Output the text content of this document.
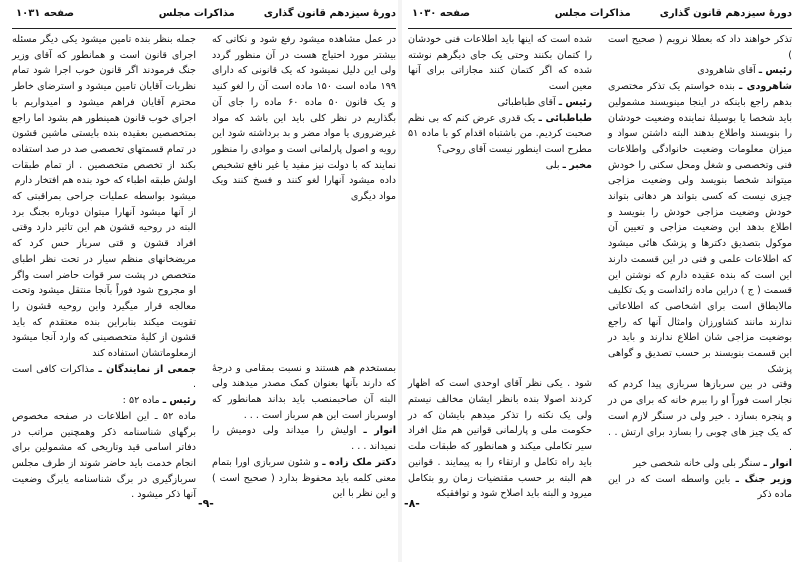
دورهٔ سیزدهم قانون گذاری
مذاکرات مجلس
صفحه ۱۰۳۰

تذکر خواهند داد که بعطلا نرویم ( صحیح است )

رئیس ـ آقای شاهرودی

شاهرودی ـ بنده خواستم یک تذکر مختصری بدهم راجع باینکه در اینجا مینویسند مشمولین باید شخصا یا بوسیلهٔ نماینده وضعیت خودشان را بنویسند واطلاع بدهند البته داشتن سواد و میزان معلومات وضعیت خانوادگی واطلاعات فنی وتخصصی و شغل ومحل سکنی را خودش میتواند شخصا بنویسد ولی وضعیت مزاجی چیزی نیست که کسی بتواند هر دهاتی بتواند خودش وضعیت مزاجی خودش را بنویسد و اطلاع بدهد این وضعیت مزاجی و تعیین آن موکول بتصدیق دکترها و پزشک هائی میشود که اطلاعات علمی و فنی در این قسمت دارند این است که بنده عقیده دارم که نوشتن این قسمت ( ج ) دراین ماده زائداست و یک تکلیف مالایطاق است برای اشخاصی که اطلاعاتی ندارند مانند کشاورزان وامثال آنها که راجع بوضعیت مزاجی شان اطلاع ندارند و باید در این قسمت بنویسند بر حسب تصدیق و گواهی پزشک

وقتی در بین سربازها سربازی پیدا کردم که نجار است فوراً او را ببرم خانه که برای من در و پنجره بسازد . خیر ولی در سنگر لازم است که یک چیز های چوبی را بسازد برای ارتش . . .

انوار ـ سنگر بلی ولی خانه شخصی خیر

وزیر جنگ ـ باین واسطه است که در این ماده ذکر

شده است که اینها باید اطلاعات فنی خودشان را کتمان بکنند وحتی یک جای دیگرهم نوشته شده که اگر کتمان کنند مجازاتی برای آنها معین است

رئیس ـ آقای طباطبائی

طباطبائی ـ یک قدری عرض کنم که بی نظم صحبت کردیم. من باشتباه اقدام کو با ماده ۵۱ مطرح است اینطور نیست آقای روحی؟

مخبر ـ بلی

شود . یکی نظر آقای اوحدی است که اظهار کردند اصولا بنده بانظر ایشان مخالف نیستم ولی یک نکته را تذکر میدهم بایشان که در حکومت ملی و پارلمانی قوانین هم مثل افراد سیر تکاملی میکند و همانطور که طبقات ملت باید راه تکامل و ارتقاء را به پیمایند . قوانین هم البته بر حسب مقتضیات زمان رو بتکامل میرود و البته باید اصلاح شود و توافقیکه

-۸-
دورهٔ سیزدهم قانون گذاری
مذاکرات مجلس
صفحه ۱۰۳۱

در عمل مشاهده میشود رفع شود و نکاتی که بیشتر مورد احتیاج هست در آن منظور گردد ولی این دلیل نمیشود که یک قانونی که دارای ۱۹۹ ماده است ۱۵۰ ماده است آن را لغو کنید و یک قانون ۵۰ ماده ۶۰ ماده را جای آن بگذاریم در نظر کلی باید این باشد که مواد غیرضروری یا مواد مضر و بد برداشته شود این رویه و اصول پارلمانی است و موادی را منظور نمایند که با دولت نیز مفید یا غیر نافع تشخیص داده میشود آنهارا لغو کنند و فسخ کنند ویک مواد دیگری

بمستخدم هم هستند و نسبت بمقامی و درجهٔ که دارند بآنها بعنوان کمک مصدر میدهند ولی البته آن صاحبمنصب باید بداند همانطور که اوسرباز است این هم سرباز است . . .

انوار ـ اولیش را میداند ولی دومیش را نمیداند . . .

دکتر ملک زاده ـ و شئون سربازی اورا بتمام معنی کلمه باید محفوظ بدارد ( صحیح است ) و این نظر با این

جمله بنظر بنده تامین میشود یکی دیگر مسئله اجرای قانون است و همانطور که آقای وزیر جنگ فرمودند اگر قانون خوب اجرا شود تمام نظریات آقایان تامین میشود و استرضای خاطر محترم آقایان فراهم میشود و امیدواریم با اجرای خوب قانون همینطور هم بشود اما راجع بمتخصصین بعقیده بنده بایستی ماشین قشون در تمام قسمتهای تخصصی صد در صد استفاده بکند از تخصص متخصصین . از تمام طبقات اولش طبقه اطباء که خود بنده هم افتخار دارم

میشود بواسطه عملیات جراحی بمراقبتی که از آنها میشود آنهارا میتوان دوباره بجنگ برد البته در روحیه قشون هم این تاثیر دارد وقتی افراد قشون و قتی سرباز حس کرد که مریضخانهای منظم سیار در تحت نظر اطبای متخصص در پشت سر قوات حاضر است واگر او مجروح شود فوراً بآنجا منتقل میشود وتحت معالجه قرار میگیرد واین روحیه قشون را تقویت میکند بنابراین بنده معتقدم که باید قشون از کلیهٔ متخصصینی که وارد آنجا میشود ازمعلوماتشان استفاده کند

جمعی از نمایندگان ـ مذاکرات کافی است .

رئیس ـ ماده ۵۲ :

ماده ۵۲ ـ این اطلاعات در صفحه مخصوص برگهای شناسنامه ذکر وهمچنین مراتب در دفاتر اسامی قید وتاریخی که مشمولین برای انجام خدمت باید حاضر شوند از طرف مجلس سربازگیری در برگ شناسنامه یابرگ وضعیت آنها ذکر میشود .

-۹-
